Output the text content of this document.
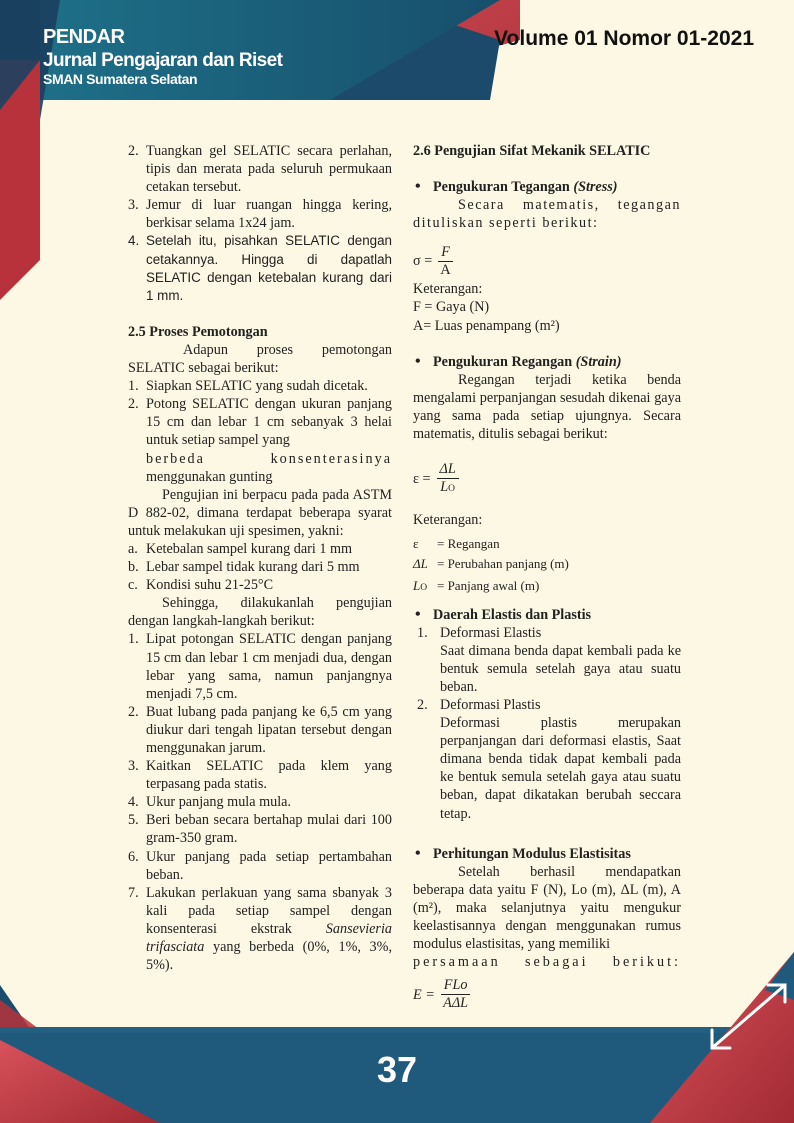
PENDAR
Jurnal Pengajaran dan Riset
SMAN Sumatera Selatan
Volume 01 Nomor 01-2021
2. Tuangkan gel SELATIC secara perlahan, tipis dan merata pada seluruh permukaan cetakan tersebut.
3. Jemur di luar ruangan hingga kering, berkisar selama 1x24 jam.
4. Setelah itu, pisahkan SELATIC dengan cetakannya. Hingga di dapatlah SELATIC dengan ketebalan kurang dari 1 mm.

2.5 Proses Pemotongan

Adapun proses pemotongan SELATIC sebagai berikut:
1. Siapkan SELATIC yang sudah dicetak.
2. Potong SELATIC dengan ukuran panjang 15 cm dan lebar 1 cm sebanyak 3 helai untuk setiap sampel yang
berbeda konsenterasinya
menggunakan gunting
Pengujian ini berpacu pada pada ASTM D 882-02, dimana terdapat beberapa syarat untuk melakukan uji spesimen, yakni:
a. Ketebalan sampel kurang dari 1 mm
b. Lebar sampel tidak kurang dari 5 mm
c. Kondisi suhu 21-25°C
Sehingga, dilakukanlah pengujian dengan langkah-langkah berikut:
1. Lipat potongan SELATIC dengan panjang 15 cm dan lebar 1 cm menjadi dua, dengan lebar yang sama, namun panjangnya menjadi 7,5 cm.
2. Buat lubang pada panjang ke 6,5 cm yang diukur dari tengah lipatan tersebut dengan menggunakan jarum.
3. Kaitkan SELATIC pada klem yang terpasang pada statis.
4. Ukur panjang mula mula.
5. Beri beban secara bertahap mulai dari 100 gram-350 gram.
6. Ukur panjang pada setiap pertambahan beban.
7. Lakukan perlakuan yang sama sbanyak 3 kali pada setiap sampel dengan konsenterasi ekstrak Sansevieria trifasciata yang berbeda (0%, 1%, 3%, 5%).

2.6 Pengujian Sifat Mekanik SELATIC

• Pengukuran Tegangan (Stress)
Secara matematis, tegangan dituliskan seperti berikut:
$\sigma = \frac{F}{A}$
Keterangan:
F = Gaya (N)
A= Luas penampang (m²)
• Pengukuran Regangan (Strain)
Regangan terjadi ketika benda mengalami perpanjangan sesudah dikenai gaya yang sama pada setiap ujungnya. Secara matematis, ditulis sebagai berikut:
$\varepsilon = \frac{\Delta L}{LO}$
Keterangan:
ε = Regangan
ΔL = Perubahan panjang (m)
LO = Panjang awal (m)
• Daerah Elastis dan Plastis
1. Deformasi Elastis
Saat dimana benda dapat kembali pada ke bentuk semula setelah gaya atau suatu beban.
2. Deformasi Plastis
Deformasi plastis merupakan perpanjangan dari deformasi elastis, Saat dimana benda tidak dapat kembali pada ke bentuk semula setelah gaya atau suatu beban, dapat dikatakan berubah seccara tetap.
• Perhitungan Modulus Elastisitas
Setelah berhasil mendapatkan beberapa data yaitu F (N), Lo (m), ΔL (m), A (m²), maka selanjutnya yaitu mengukur keelastisannya dengan menggunakan rumus modulus elastisitas, yang memiliki
persamaan sebagai berikut:
$E = \frac{\text{FLo}}{\text{AΔL}}$
37
